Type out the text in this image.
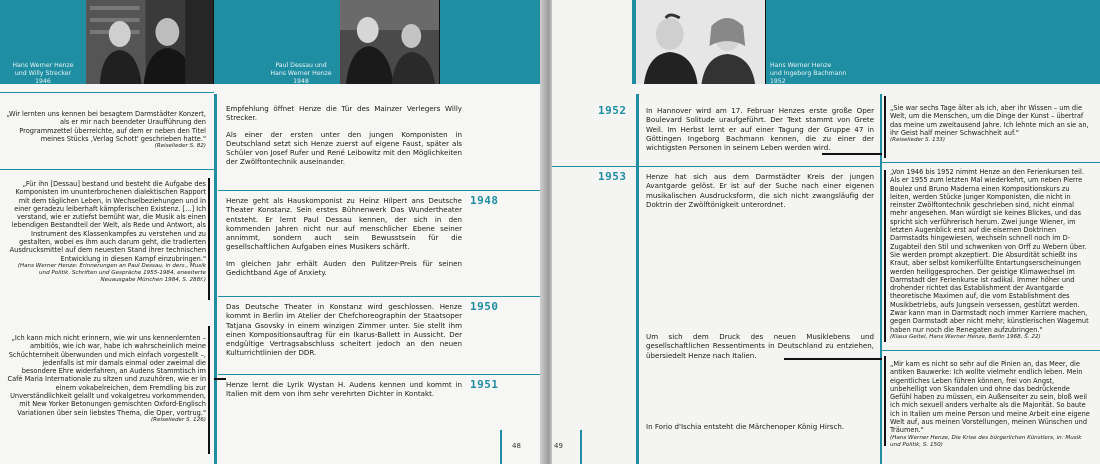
Hans Werner Henze
und Willy Strecker
1946
Paul Dessau und
Hans Werner Henze
1948
„Wir lernten uns kennen bei besagtem Darmstädter Konzert, als er mir nach beendeter Uraufführung den Programmzettel überreichte, auf dem er neben den Titel meines Stücks ‚Verlag Schott' geschrieben hatte."
(Reiselieder S. 82)
„Für ihn [Dessau] bestand und besteht die Aufgabe des Komponisten im ununterbrochenen dialektischen Rapport mit dem täglichen Leben, in Wechselbeziehungen und in einer geradezu leiberhaft kämpferischen Existenz. […] Ich verstand, wie er zutiefst bemüht war, die Musik als einen lebendigen Bestandteil der Welt, als Rede und Antwort, als Instrument des Klassenkampfes zu verstehen und zu gestalten, wobei es ihm auch darum geht, die tradierten Ausdrucksmittel auf dem neuesten Stand ihrer technischen Entwicklung in diesen Kampf einzubringen."
(Hans Werner Henze: Erinnerungen an Paul Dessau, in ders., Musik und Politik. Schriften und Gespräche 1955-1984, erweiterte Neuausgabe München 1984, S. 288f.)
„Ich kann mich nicht erinnern, wie wir uns kennenlernten – ambitiös, wie ich war, habe ich wahrscheinlich meine Schüchternheit überwunden und mich einfach vorgestellt –, jedenfalls ist mir damals einmal oder zweimal die besondere Ehre widerfahren, an Audens Stammtisch im Café Maria Internationale zu sitzen und zuzuhören, wie er in einem vokabelreichen, dem Fremdling bis zur Unverständlichkeit gelallt und vokalgetreu vorkommenden, mit New Yorker Betonungen gemischten Oxford-Englisch Variationen über sein liebstes Thema, die Oper, vortrug."
(Reiselieder S. 126)

Empfehlung öffnet Henze die Tür des Mainzer Verlegers Willy Strecker.

Als einer der ersten unter den jungen Komponisten in Deutschland setzt sich Henze zuerst auf eigene Faust, später als Schüler von Josef Rufer und René Leibowitz mit den Möglichkeiten der Zwölftontechnik auseinander.

1948

Henze geht als Hauskomponist zu Heinz Hilpert ans Deutsche Theater Konstanz. Sein erstes Bühnenwerk Das Wundertheater entsteht. Er lernt Paul Dessau kennen, der sich in den kommenden Jahren nicht nur auf menschlicher Ebene seiner annimmt, sondern auch sein Bewusstsein für die gesellschaftlichen Aufgaben eines Musikers schärft.

Im gleichen Jahr erhält Auden den Pulitzer-Preis für seinen Gedichtband Age of Anxiety.

1950

Das Deutsche Theater in Konstanz wird geschlossen. Henze kommt in Berlin im Atelier der Chefchoreographin der Staatsoper Tatjana Gsovsky in einem winzigen Zimmer unter. Sie stellt ihm einen Kompositionsauftrag für ein Ikarus-Ballett in Aussicht. Der endgültige Vertragsabschluss scheitert jedoch an den neuen Kulturrichtlinien der DDR.

1951

Henze lernt die Lyrik Wystan H. Audens kennen und kommt in Italien mit dem von ihm sehr verehrten Dichter in Kontakt.

48
Hans Werner Henze
und Ingeborg Bachmann
1952
1952	In Hannover wird am 17. Februar Henzes erste große Oper Boulevard Solitude uraufgeführt. Der Text stammt von Grete Weil. Im Herbst lernt er auf einer Tagung der Gruppe 47 in Göttingen Ingeborg Bachmann kennen, die zu einer der wichtigsten Personen in seinem Leben werden wird.

1953	Henze hat sich aus dem Darmstädter Kreis der jungen Avantgarde gelöst. Er ist auf der Suche nach einer eigenen musikalischen Ausdrucksform, die sich nicht zwangsläufig der Doktrin der Zwölftönigkeit unterordnet.

Um sich dem Druck des neuen Musiklebens und gesellschaftlichen Ressentiments in Deutschland zu entziehen, übersiedelt Henze nach Italien.

In Forio d'Ischia entsteht die Märchenoper König Hirsch.

49
„Sie war sechs Tage älter als ich, aber ihr Wissen – um die Welt, um die Menschen, um die Dinge der Kunst – übertraf das meine um zweitausend Jahre. Ich lehnte mich an sie an, ihr Geist half meiner Schwachheit auf."
(Reiselieder S. 133)
„Von 1946 bis 1952 nimmt Henze an den Ferienkursen teil. Als er 1955 zum letzten Mal wiederkehrt, um neben Pierre Boulez und Bruno Maderna einen Kompositionskurs zu leiten, werden Stücke junger Komponisten, die nicht in reinster Zwölftontechnik geschrieben sind, nicht einmal mehr angesehen. Man würdigt sie keines Blickes, und das spricht sich verführerisch herum. Zwei junge Wiener, im letzten Augenblick erst auf die eisernen Doktrinen Darmstadts hingewiesen, wechseln schnell noch im D-Zugabteil den Stil und schwenken von Orff zu Webern über. Sie werden prompt akzeptiert. Die Absurdität schießt ins Kraut, aber selbst komikerfüllte Entartungserscheinungen werden heiliggesprochen. Der geistige Klimawechsel im Darmstadt der Ferienkurse ist radikal. Immer höher und drohender richtet das Establishment der Avantgarde theoretische Maximen auf, die vom Establishment des Musikbetriebs, aufs Jungsein versessen, gestützt werden. Zwar kann man in Darmstadt noch immer Karriere machen, gegen Darmstadt aber nicht mehr; künstlerischen Wagemut haben nur noch die Renegaten aufzubringen."
(Klaus Geitel, Hans Werner Henze, Berlin 1968, S. 22)
„Mir kam es nicht so sehr auf die Pinien an, das Meer, die antiken Bauwerke: Ich wollte vielmehr endlich leben. Mein eigentliches Leben führen können, frei von Angst, unbehelligt von Skandalen und ohne das bedrückende Gefühl haben zu müssen, ein Außenseiter zu sein, bloß weil ich mich sexuell anders verhalte als die Majorität. So baute ich in Italien um meine Person und meine Arbeit eine eigene Welt auf, aus meinen Vorstellungen, meinen Wünschen und Träumen."
(Hans Werner Henze, Die Krise des bürgerlichen Künstlers, in: Musik und Politik, S. 150)
